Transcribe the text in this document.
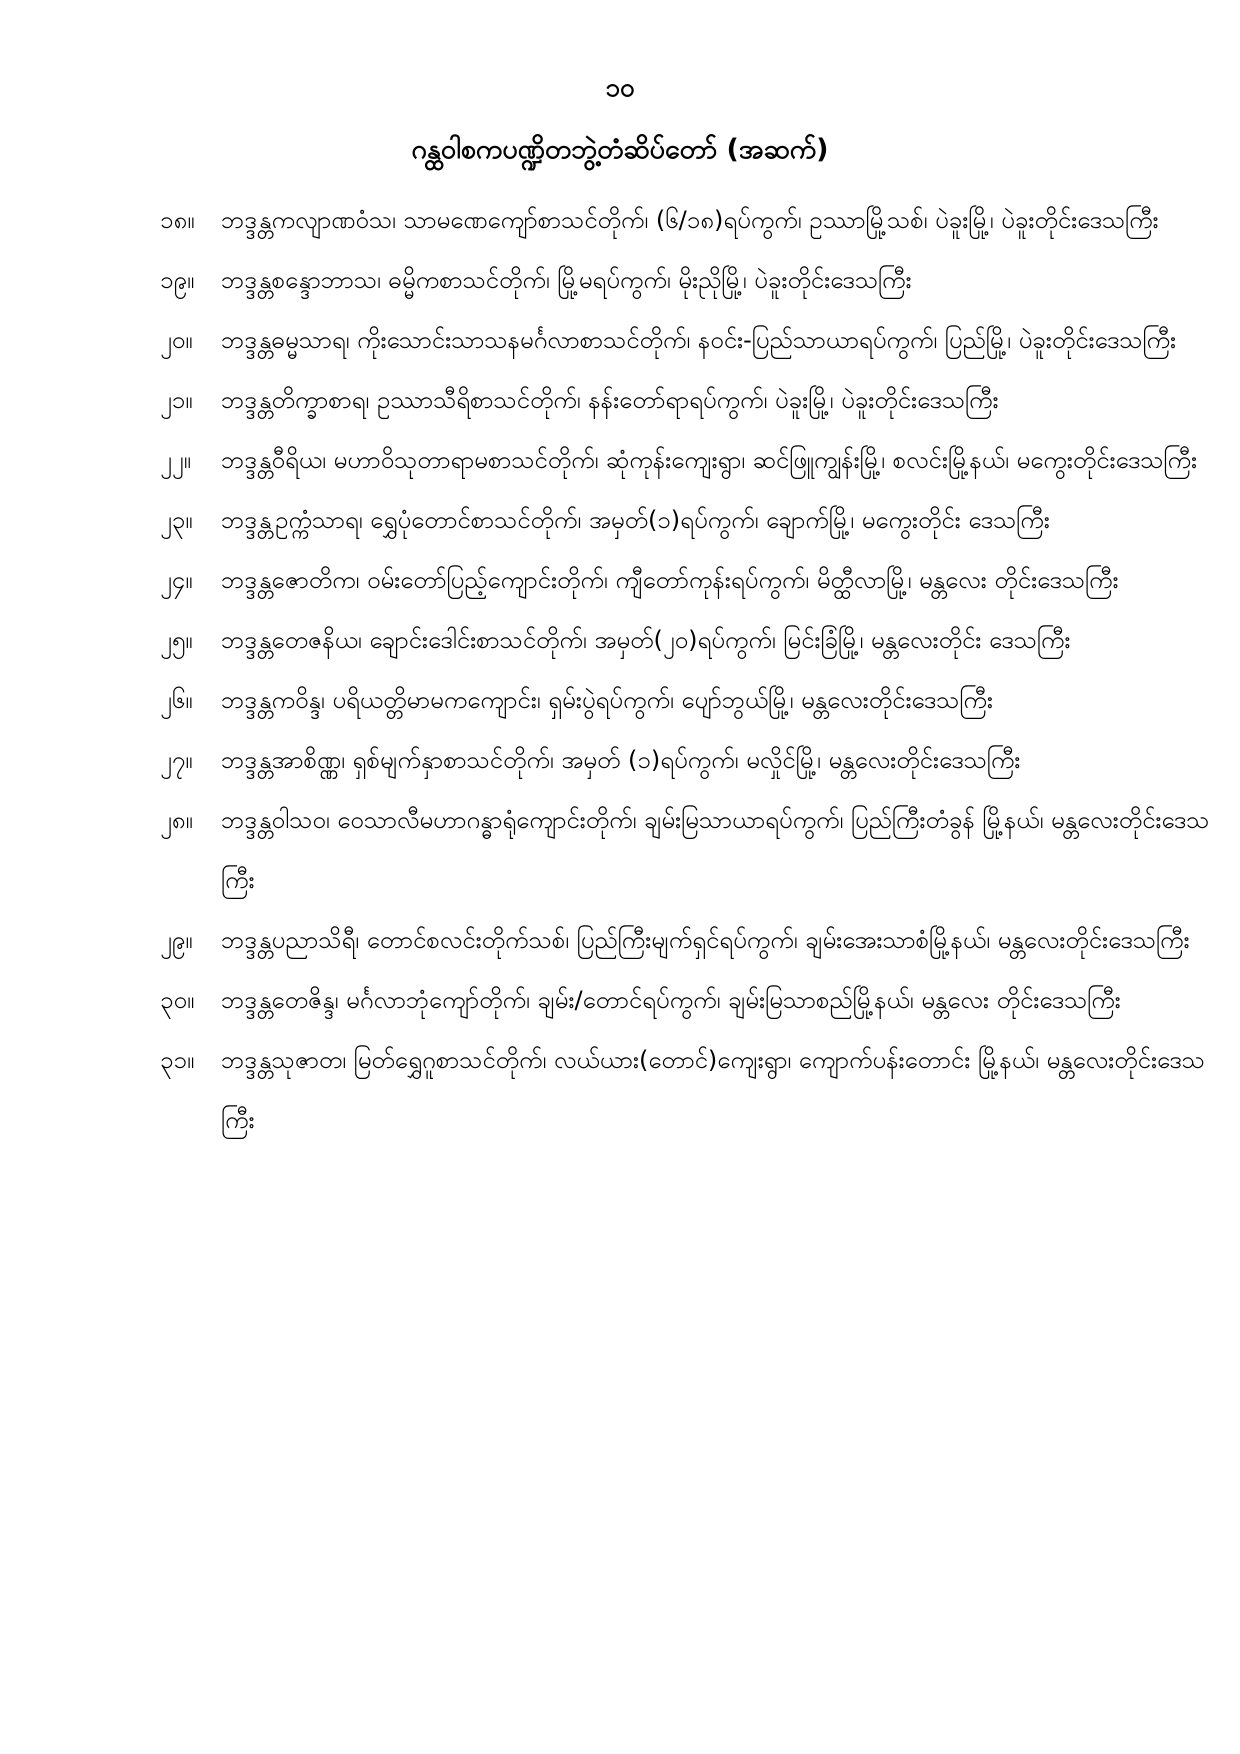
၁၀
ဂန္ထဝါစကပဏ္ဍိတဘွဲ့တံဆိပ်တော် (အဆက်)
၁၈။	ဘဒ္ဒန္တကလျာဏဝံသ၊ သာမဏေကျော်စာသင်တိုက်၊ (၆/၁၈)ရပ်ကွက်၊ ဥဿာမြို့သစ်၊ ပဲခူးမြို့၊ ပဲခူးတိုင်းဒေသကြီး
၁၉။	ဘဒ္ဒန္တစန္ဒောဘာသ၊ ဓမ္မိကစာသင်တိုက်၊ မြို့မရပ်ကွက်၊ မိုးညိုမြို့၊ ပဲခူးတိုင်းဒေသကြီး
၂၀။	ဘဒ္ဒန္တဓမ္မသာရ၊ ကိုးသောင်းသာသနမင်္ဂလာစာသင်တိုက်၊ နဝင်း-ပြည်သာယာရပ်ကွက်၊ ပြည်မြို့၊ ပဲခူးတိုင်းဒေသကြီး
၂၁။	ဘဒ္ဒန္တတိက္ခာစာရ၊ ဥဿာသီရိစာသင်တိုက်၊ နန်းတော်ရာရပ်ကွက်၊ ပဲခူးမြို့၊ ပဲခူးတိုင်းဒေသကြီး
၂၂။	ဘဒ္ဒန္တဝီရိယ၊ မဟာဝိသုတာရာမစာသင်တိုက်၊ ဆုံကုန်းကျေးရွာ၊ ဆင်ဖြူကျွန်းမြို့၊ စလင်းမြို့နယ်၊ မကွေးတိုင်းဒေသကြီး
၂၃။	ဘဒ္ဒန္တဥက္ကံသာရ၊ ရွှေပုံတောင်စာသင်တိုက်၊ အမှတ်(၁)ရပ်ကွက်၊ ချောက်မြို့၊ မကွေးတိုင်း ဒေသကြီး
၂၄။	ဘဒ္ဒန္တဇောတိက၊ ဝမ်းတော်ပြည့်ကျောင်းတိုက်၊ ကျီတော်ကုန်းရပ်ကွက်၊ မိတ္ထီလာမြို့၊ မန္တလေး တိုင်းဒေသကြီး
၂၅။	ဘဒ္ဒန္တတေဇနိယ၊ ချောင်းဒေါင်းစာသင်တိုက်၊ အမှတ်(၂၀)ရပ်ကွက်၊ မြင်းခြံမြို့၊ မန္တလေးတိုင်း ဒေသကြီး
၂၆။	ဘဒ္ဒန္တကဝိန္ဒ၊ ပရိယတ္တိမာမကကျောင်း၊ ရှမ်းပွဲရပ်ကွက်၊ ပျော်ဘွယ်မြို့၊ မန္တလေးတိုင်းဒေသကြီး
၂၇။	ဘဒ္ဒန္တအာစိဏ္ဏ၊ ရှစ်မျက်နှာစာသင်တိုက်၊ အမှတ် (၁)ရပ်ကွက်၊ မလှိုင်မြို့၊ မန္တလေးတိုင်းဒေသကြီး
၂၈။	ဘဒ္ဒန္တဝါသဝ၊ ဝေသာလီမဟာဂန္ဓာရုံကျောင်းတိုက်၊ ချမ်းမြသာယာရပ်ကွက်၊ ပြည်ကြီးတံခွန် မြို့နယ်၊ မန္တလေးတိုင်းဒေသကြီး
၂၉။	ဘဒ္ဒန္တပညာသိရီ၊ တောင်စလင်းတိုက်သစ်၊ ပြည်ကြီးမျက်ရှင်ရပ်ကွက်၊ ချမ်းအေးသာစံမြို့နယ်၊ မန္တလေးတိုင်းဒေသကြီး
၃၀။	ဘဒ္ဒန္တတေဇိန္ဒ၊ မင်္ဂလာဘုံကျော်တိုက်၊ ချမ်း/တောင်ရပ်ကွက်၊ ချမ်းမြသာစည်မြို့နယ်၊ မန္တလေး တိုင်းဒေသကြီး
၃၁။	ဘဒ္ဒန္တသုဇာတ၊ မြတ်ရွှေဂူစာသင်တိုက်၊ လယ်ယား(တောင်)ကျေးရွာ၊ ကျောက်ပန်းတောင်း မြို့နယ်၊ မန္တလေးတိုင်းဒေသကြီး
